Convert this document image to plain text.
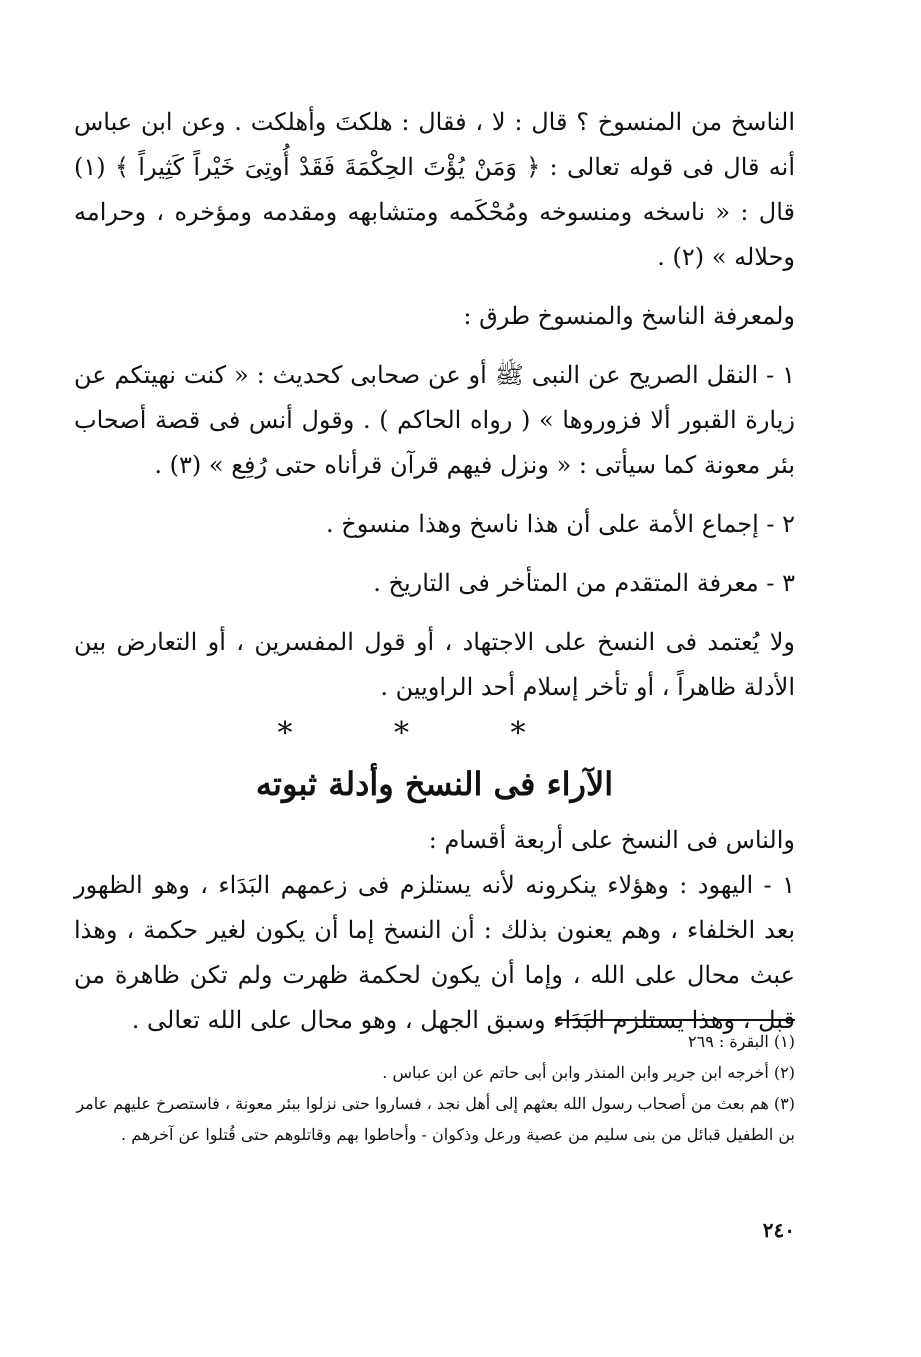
الناسخ من المنسوخ ؟ قال : لا ، فقال : هلكتَ وأهلكت . وعن ابن عباس أنه قال فى قوله تعالى : ﴿ وَمَنْ يُؤْتَ الحِكْمَةَ فَقَدْ أُوتِىَ خَيْراً كَثِيراً ﴾ (١) قال : « ناسخه ومنسوخه ومُحْكَمه ومتشابهه ومقدمه ومؤخره ، وحرامه وحلاله » (٢) .

ولمعرفة الناسخ والمنسوخ طرق :

١ - النقل الصريح عن النبى ﷺ أو عن صحابى كحديث : « كنت نهيتكم عن زيارة القبور ألا فزوروها » ( رواه الحاكم ) . وقول أنس فى قصة أصحاب بئر معونة كما سيأتى : « ونزل فيهم قرآن قرأناه حتى رُفِع » (٣) .

٢ - إجماع الأمة على أن هذا ناسخ وهذا منسوخ .

٣ - معرفة المتقدم من المتأخر فى التاريخ .

ولا يُعتمد فى النسخ على الاجتهاد ، أو قول المفسرين ، أو التعارض بين الأدلة ظاهراً ، أو تأخر إسلام أحد الراويين .

* * *
الآراء فى النسخ وأدلة ثبوته

والناس فى النسخ على أربعة أقسام :

١ - اليهود : وهؤلاء ينكرونه لأنه يستلزم فى زعمهم البَدَاء ، وهو الظهور بعد الخلفاء ، وهم يعنون بذلك : أن النسخ إما أن يكون لغير حكمة ، وهذا عبث محال على الله ، وإما أن يكون لحكمة ظهرت ولم تكن ظاهرة من قبل ، وهذا يستلزم البَدَاء وسبق الجهل ، وهو محال على الله تعالى .

(١) البقرة : ٢٦٩

(٢) أخرجه ابن جرير وابن المنذر وابن أبى حاتم عن ابن عباس .

(٣) هم بعث من أصحاب رسول الله بعثهم إلى أهل نجد ، فساروا حتى نزلوا ببئر معونة ، فاستصرخ عليهم عامر بن الطفيل قبائل من بنى سليم من عصية ورعل وذكوان - وأحاطوا بهم وقاتلوهم حتى قُتلوا عن آخرهم .

٢٤٠
